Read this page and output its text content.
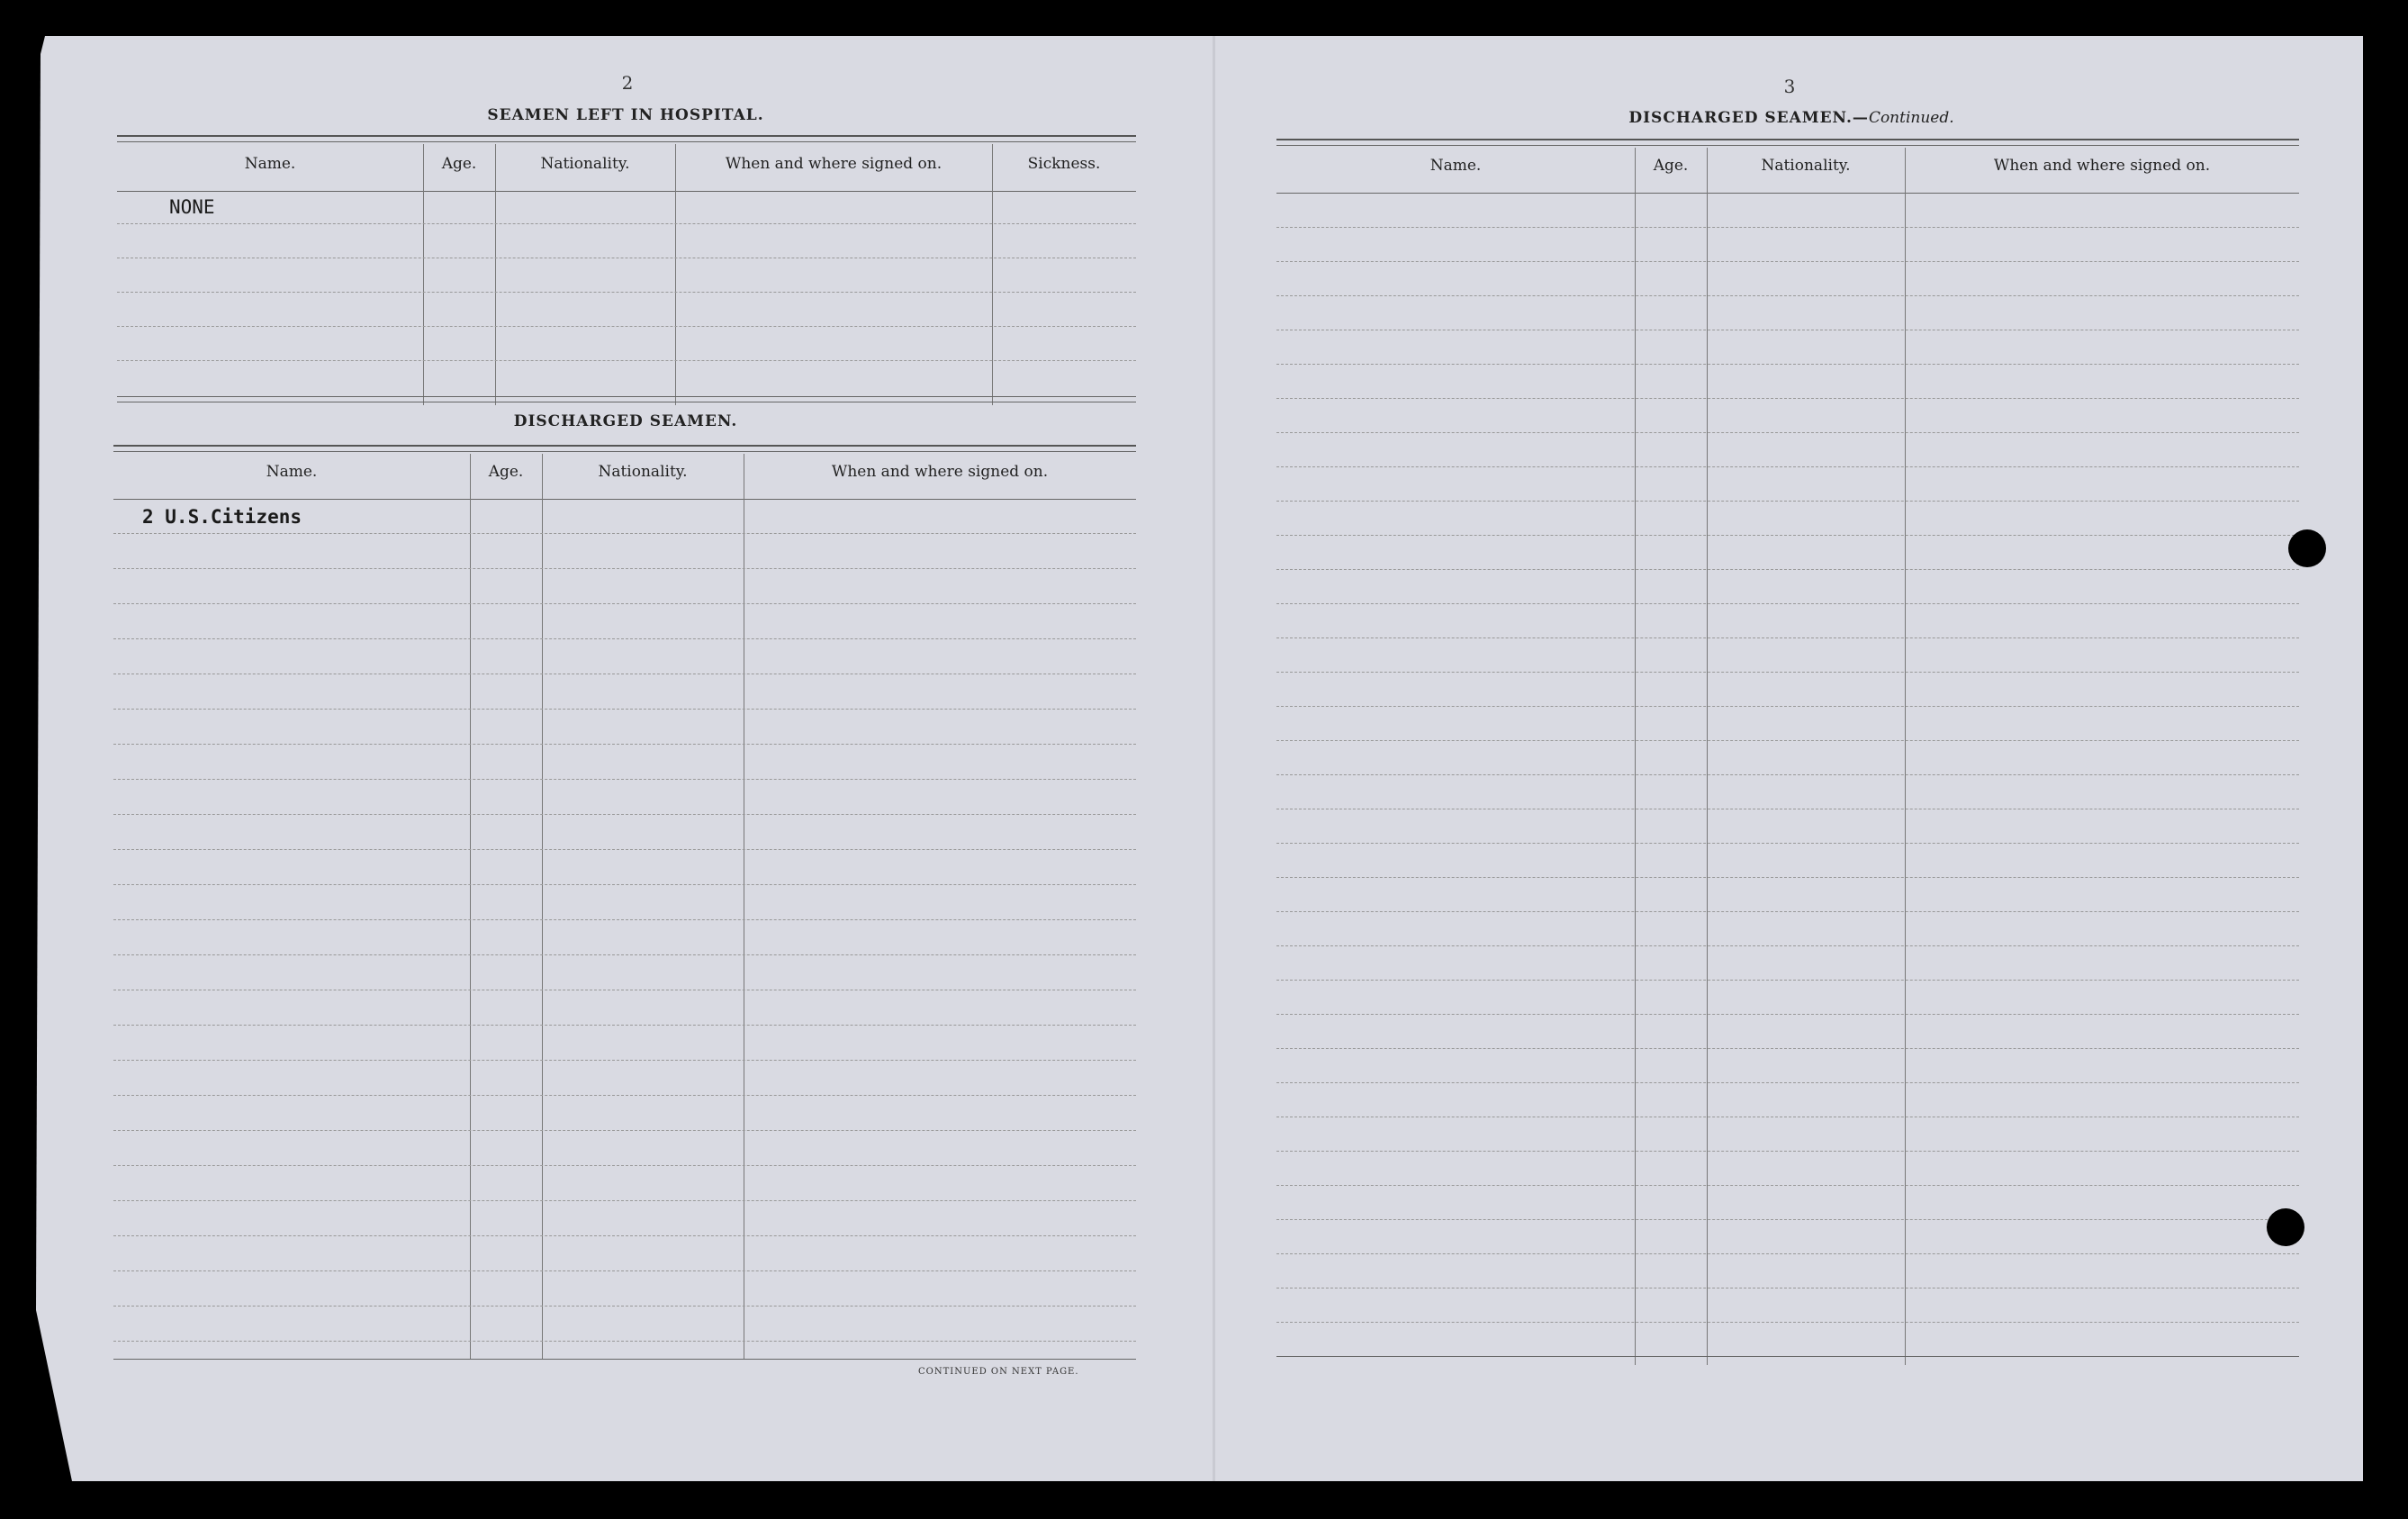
2
SEAMEN LEFT IN HOSPITAL.
Name.	Age.	Nationality.	When and where signed on.	Sickness.
NONE
DISCHARGED SEAMEN.
Name.	Age.	Nationality.	When and where signed on.
2 U.S.Citizens
CONTINUED ON NEXT PAGE.
3
DISCHARGED SEAMEN.—Continued.
Name.	Age.	Nationality.	When and where signed on.
